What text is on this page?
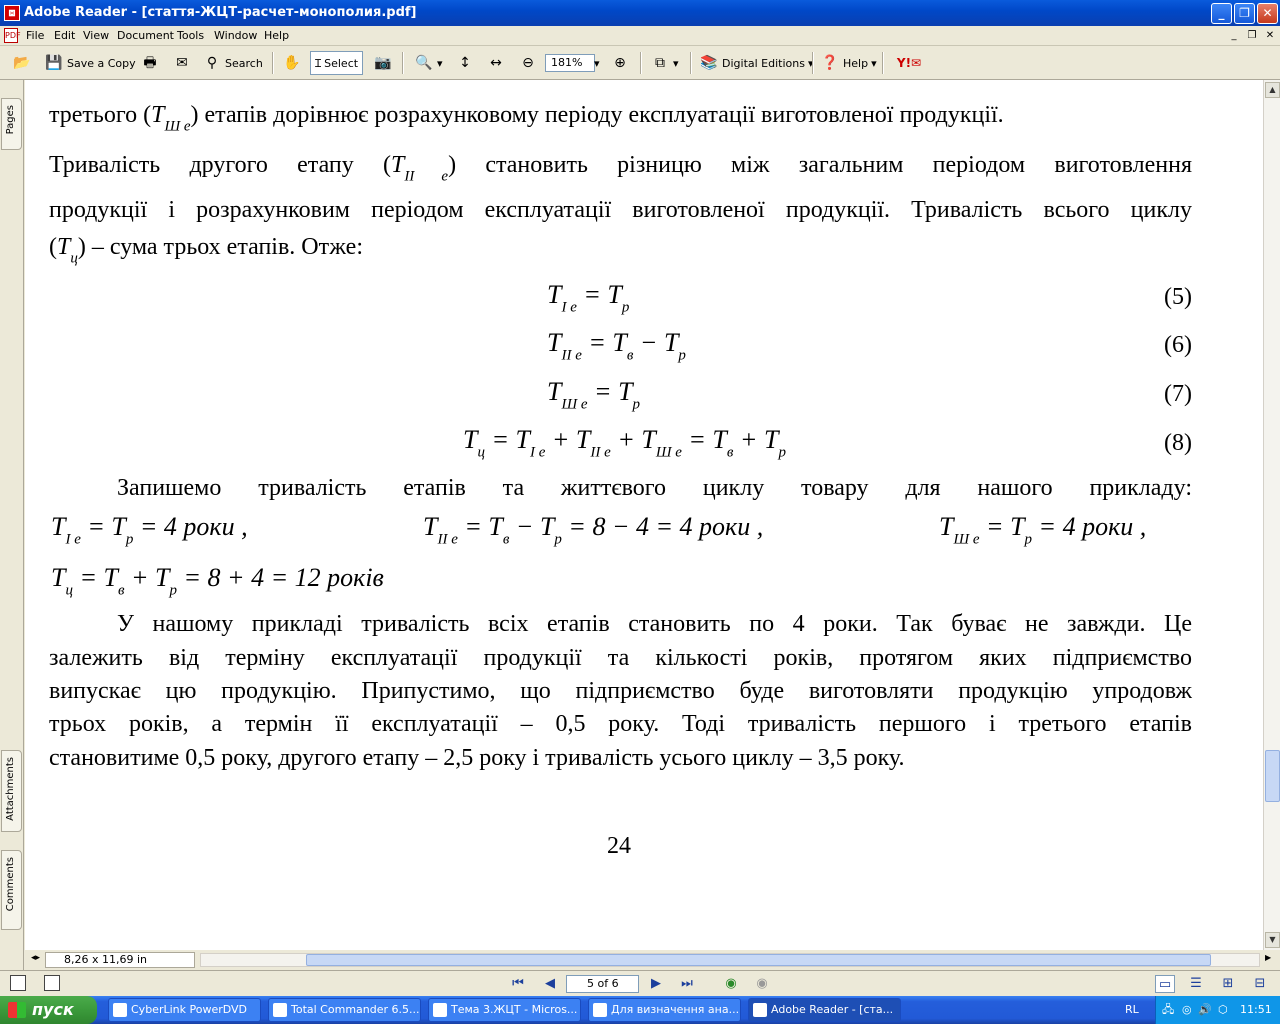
⧈ Adobe Reader - [стаття-ЖЦТ-расчет-монополия.pdf]	_	❐	✕
PDF File Edit View Document Tools Window Help	_	❐ ✕
📂 💾 Save a Copy 🖶 ✉	⚲ Search ✋ Ɪ Select 📷 🔍 ▾ ↕ ↔ ⊖	181%	▾ ⊕	⧉ ▾ 📚 Digital Editions ▾ ❓ Help ▾	Y!✉
Pages
Attachments
Comments
третього $(T_{Ш е})$ етапів дорівнює розрахунковому періоду експлуатації виготовленої продукції.
Тривалість другого етапу $(T_{ІІ е})$ становить різницю між загальним періодом виготовлення
продукції і розрахунковим періодом експлуатації виготовленої продукції. Тривалість всього циклу
$(T_ц)$ – сума трьох етапів. Отже:
$T_{І е} = T_р$	(5)
$T_{ІІ е} = T_в - T_р$	(6)
$T_{Ш е} = T_р$	(7)
$T_ц = T_{І е} + T_{ІІ е} + T_{Ш е} = T_в + T_р$	(8)
Запишемо тривалість етапів та життєвого циклу товару для нашого прикладу:
$T_{І е} = T_р = 4$ роки ,	$T_{ІІ е} = T_в - T_р = 8 - 4 = 4$ роки ,	$T_{Ш е} = T_р = 4$ роки ,
$T_ц = T_в + T_р = 8 + 4 = 12$ років
У нашому прикладі тривалість всіх етапів становить по 4 роки. Так буває не завжди. Це
залежить від терміну експлуатації продукції та кількості років, протягом яких підприємство
випускає цю продукцію. Припустимо, що підприємство буде виготовляти продукцію упродовж
трьох років, а термін її експлуатації – 0,5 року. Тоді тривалість першого і третього етапів
становитиме 0,5 року, другого етапу – 2,5 року і тривалість усього циклу – 3,5 року.
24
▲
▼
◂▸	8,26 x 11,69 in	▶
⏮	◀	5 of 6	▶	⏭	◉	◉	▭	☰	⊞	⊟
пуск	CyberLink PowerDVD	Total Commander 6.5...	Тема 3.ЖЦТ - Micros...	Для визначення ана...	Adobe Reader - [ста...	RL 🖧 ◎ 🔊 ⬡ 11:51
